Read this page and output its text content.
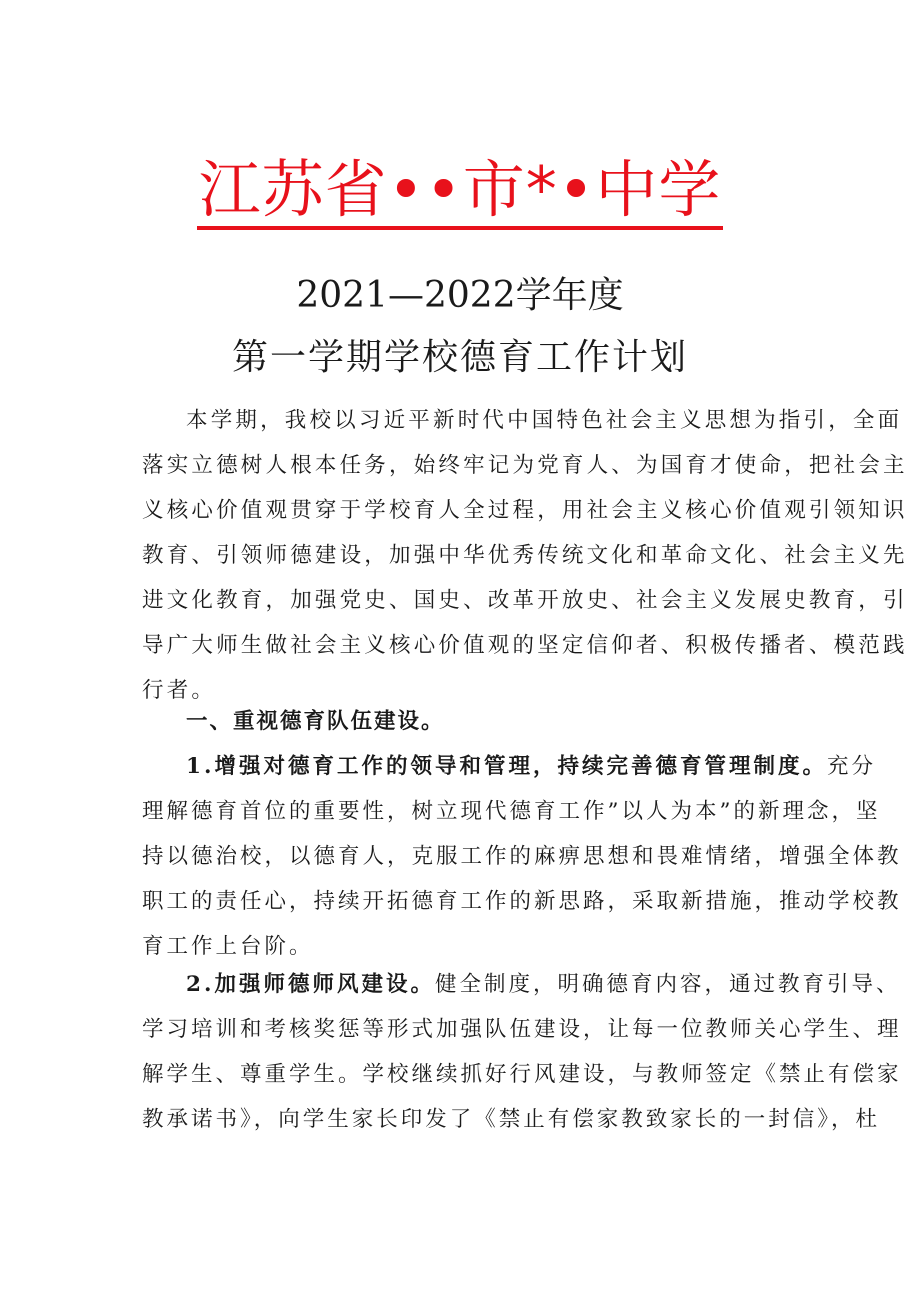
江苏省••市*•中学
2021—2022学年度
第一学期学校德育工作计划
本学期，我校以习近平新时代中国特色社会主义思想为指引，全面
落实立德树人根本任务，始终牢记为党育人、为国育才使命，把社会主
义核心价值观贯穿于学校育人全过程，用社会主义核心价值观引领知识
教育、引领师德建设，加强中华优秀传统文化和革命文化、社会主义先
进文化教育，加强党史、国史、改革开放史、社会主义发展史教育，引
导广大师生做社会主义核心价值观的坚定信仰者、积极传播者、模范践
行者。
一、重视德育队伍建设。
1.增强对德育工作的领导和管理，持续完善德育管理制度。充分
理解德育首位的重要性，树立现代德育工作”以人为本”的新理念，坚
持以德治校，以德育人，克服工作的麻痹思想和畏难情绪，增强全体教
职工的责任心，持续开拓德育工作的新思路，采取新措施，推动学校教
育工作上台阶。
2.加强师德师风建设。健全制度，明确德育内容，通过教育引导、
学习培训和考核奖惩等形式加强队伍建设，让每一位教师关心学生、理
解学生、尊重学生。学校继续抓好行风建设，与教师签定《禁止有偿家
教承诺书》，向学生家长印发了《禁止有偿家教致家长的一封信》，杜
